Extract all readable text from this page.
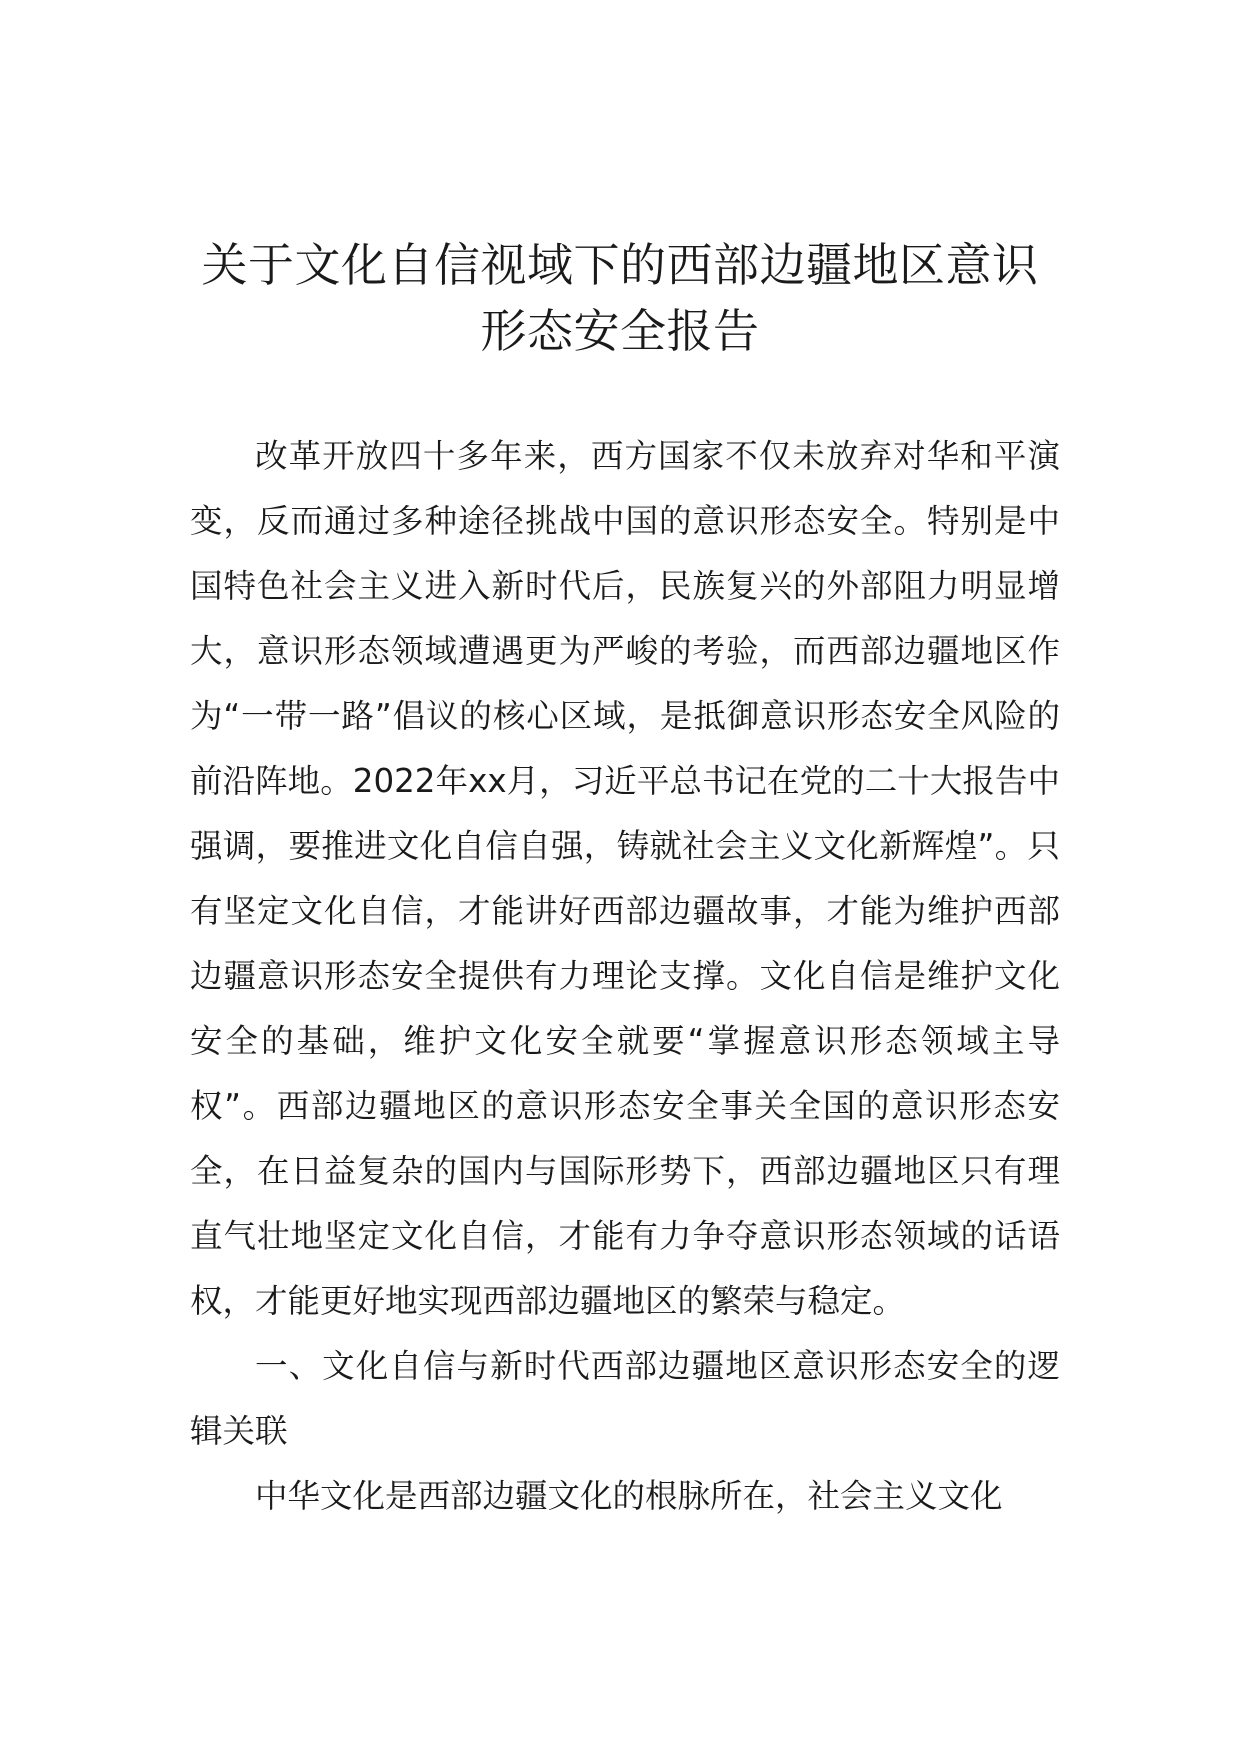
关于文化自信视域下的西部边疆地区意识形态安全报告

改革开放四十多年来，西方国家不仅未放弃对华和平演变，反而通过多种途径挑战中国的意识形态安全。特别是中国特色社会主义进入新时代后，民族复兴的外部阻力明显增大，意识形态领域遭遇更为严峻的考验，而西部边疆地区作为“一带一路”倡议的核心区域，是抵御意识形态安全风险的前沿阵地。2022年xx月，习近平总书记在党的二十大报告中强调，要推进文化自信自强，铸就社会主义文化新辉煌”。只有坚定文化自信，才能讲好西部边疆故事，才能为维护西部边疆意识形态安全提供有力理论支撑。文化自信是维护文化安全的基础，维护文化安全就要“掌握意识形态领域主导权”。西部边疆地区的意识形态安全事关全国的意识形态安全，在日益复杂的国内与国际形势下，西部边疆地区只有理直气壮地坚定文化自信，才能有力争夺意识形态领域的话语权，才能更好地实现西部边疆地区的繁荣与稳定。

一、文化自信与新时代西部边疆地区意识形态安全的逻辑关联

中华文化是西部边疆文化的根脉所在，社会主义文化
